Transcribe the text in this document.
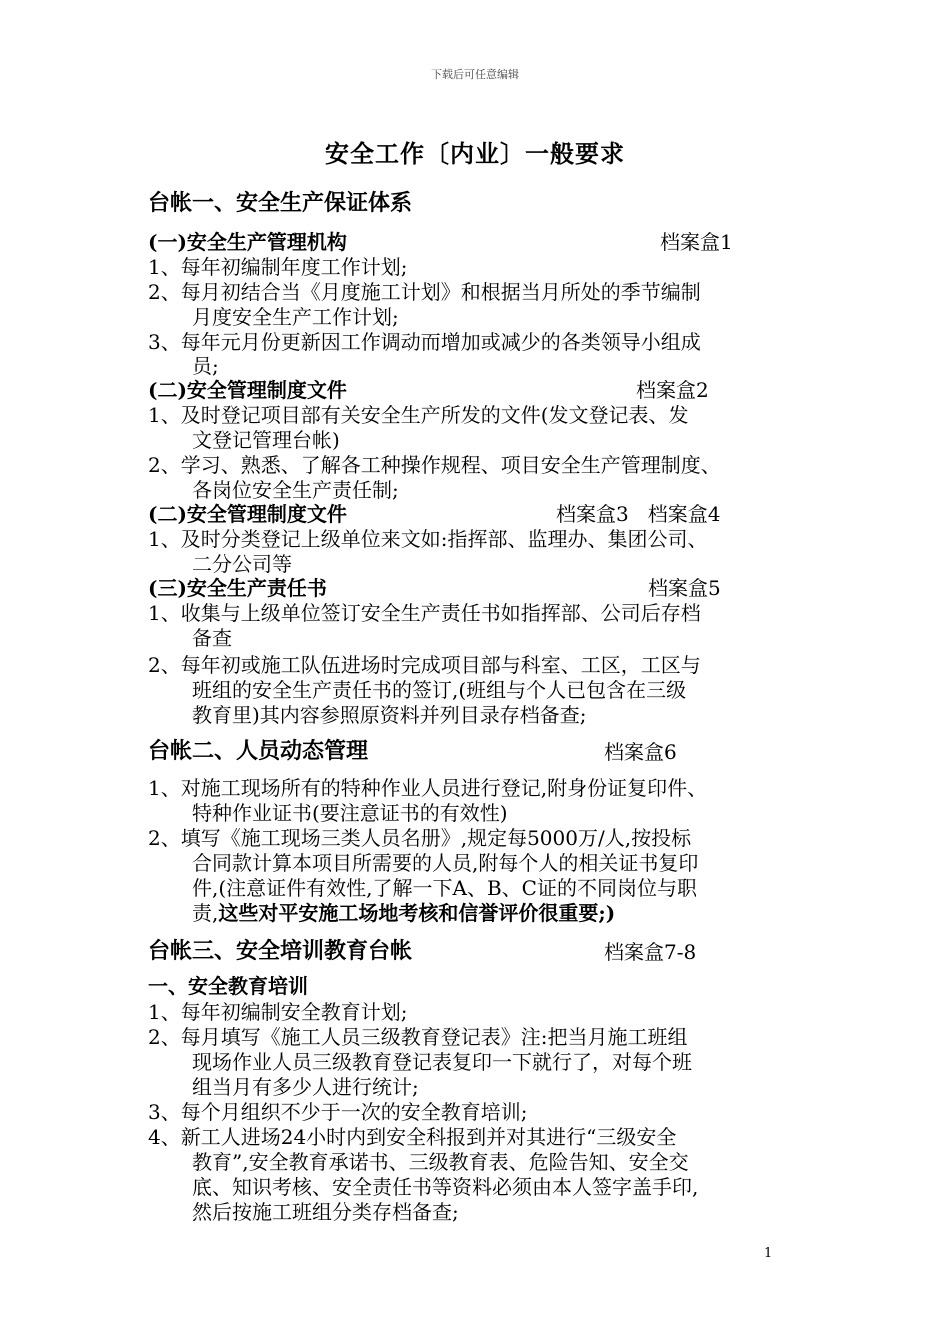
下载后可任意编辑
安全工作〔内业〕一般要求
台帐一、安全生产保证体系
(一)安全生产管理机构	档案盒1
1、每年初编制年度工作计划;
2、每月初结合当《月度施工计划》和根据当月所处的季节编制
月度安全生产工作计划;
3、每年元月份更新因工作调动而增加或减少的各类领导小组成
员;
(二)安全管理制度文件	档案盒2
1、及时登记项目部有关安全生产所发的文件(发文登记表、发
文登记管理台帐)
2、学习、熟悉、了解各工种操作规程、项目安全生产管理制度、
各岗位安全生产责任制;
(二)安全管理制度文件	档案盒3   档案盒4
1、及时分类登记上级单位来文如:指挥部、监理办、集团公司、
二分公司等
(三)安全生产责任书	档案盒5
1、收集与上级单位签订安全生产责任书如指挥部、公司后存档
备查
2、每年初或施工队伍进场时完成项目部与科室、工区，工区与
班组的安全生产责任书的签订,(班组与个人已包含在三级
教育里)其内容参照原资料并列目录存档备查;
台帐二、人员动态管理	档案盒6
1、对施工现场所有的特种作业人员进行登记,附身份证复印件、
特种作业证书(要注意证书的有效性)
2、填写《施工现场三类人员名册》,规定每5000万/人,按投标
合同款计算本项目所需要的人员,附每个人的相关证书复印
件,(注意证件有效性,了解一下A、B、C证的不同岗位与职
责,这些对平安施工场地考核和信誉评价很重要;)
台帐三、安全培训教育台帐	档案盒7-8
一、安全教育培训
1、每年初编制安全教育计划;
2、每月填写《施工人员三级教育登记表》注:把当月施工班组
现场作业人员三级教育登记表复印一下就行了，对每个班
组当月有多少人进行统计;
3、每个月组织不少于一次的安全教育培训;
4、新工人进场24小时内到安全科报到并对其进行“三级安全
教育”,安全教育承诺书、三级教育表、危险告知、安全交
底、知识考核、安全责任书等资料必须由本人签字盖手印,
然后按施工班组分类存档备查;
1
